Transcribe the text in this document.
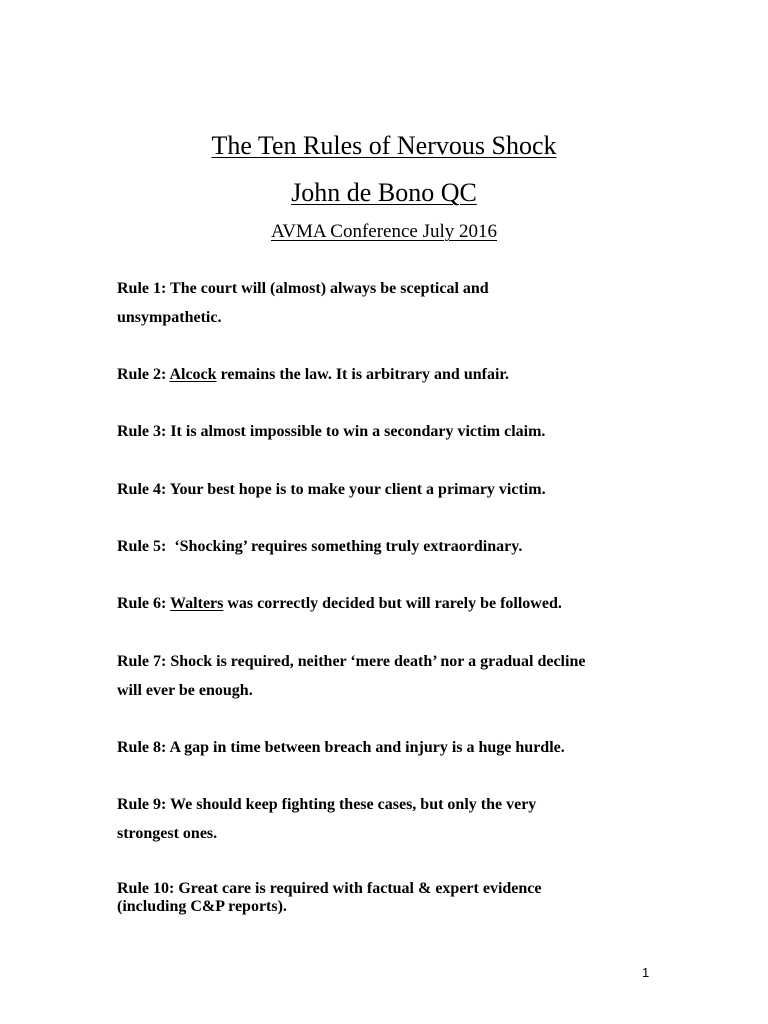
The Ten Rules of Nervous Shock
John de Bono QC
AVMA Conference July 2016
Rule 1: The court will (almost) always be sceptical and
unsympathetic.
Rule 2: Alcock remains the law. It is arbitrary and unfair.
Rule 3: It is almost impossible to win a secondary victim claim.
Rule 4: Your best hope is to make your client a primary victim.
Rule 5: ‘Shocking’ requires something truly extraordinary.
Rule 6: Walters was correctly decided but will rarely be followed.
Rule 7: Shock is required, neither ‘mere death’ nor a gradual decline
will ever be enough.
Rule 8: A gap in time between breach and injury is a huge hurdle.
Rule 9: We should keep fighting these cases, but only the very
strongest ones.
Rule 10: Great care is required with factual & expert evidence
(including C&P reports).
1
